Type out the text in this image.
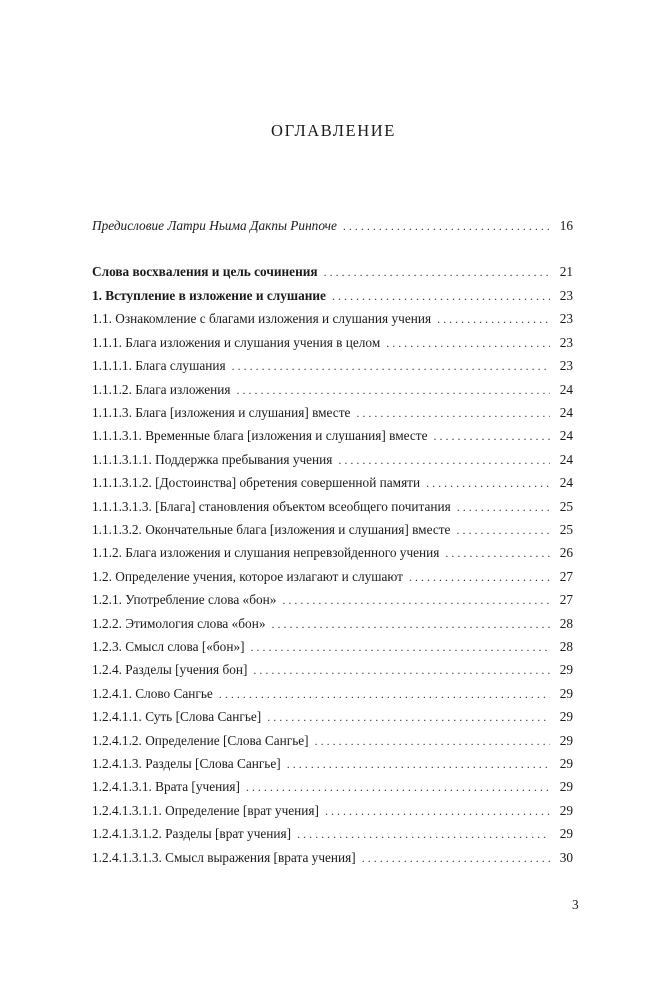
ОГЛАВЛЕНИЕ
Предисловие Латри Ньима Дакпы Ринпоче . . .	16
Слова восхваления и цель сочинения . . .	21
1. Вступление в изложение и слушание . . .	23
1.1. Ознакомление с благами изложения и слушания учения . . .	23
1.1.1. Блага изложения и слушания учения в целом . . .	23
1.1.1.1. Блага слушания . . .	23
1.1.1.2. Блага изложения . . .	24
1.1.1.3. Блага [изложения и слушания] вместе . . .	24
1.1.1.3.1. Временные блага [изложения и слушания] вместе . . .	24
1.1.1.3.1.1. Поддержка пребывания учения . . .	24
1.1.1.3.1.2. [Достоинства] обретения совершенной памяти . . .	24
1.1.1.3.1.3. [Блага] становления объектом всеобщего почитания . . .	25
1.1.1.3.2. Окончательные блага [изложения и слушания] вместе . . .	25
1.1.2. Блага изложения и слушания непревзойденного учения . . .	26
1.2. Определение учения, которое излагают и слушают . . .	27
1.2.1. Употребление слова «бон» . . .	27
1.2.2. Этимология слова «бон» . . .	28
1.2.3. Смысл слова [«бон»] . . .	28
1.2.4. Разделы [учения бон] . . .	29
1.2.4.1. Слово Сангье . . .	29
1.2.4.1.1. Суть [Слова Сангье] . . .	29
1.2.4.1.2. Определение [Слова Сангье] . . .	29
1.2.4.1.3. Разделы [Слова Сангье] . . .	29
1.2.4.1.3.1. Врата [учения] . . .	29
1.2.4.1.3.1.1. Определение [врат учения] . . .	29
1.2.4.1.3.1.2. Разделы [врат учения] . . .	29
1.2.4.1.3.1.3. Смысл выражения [врата учения] . . .	30
3
